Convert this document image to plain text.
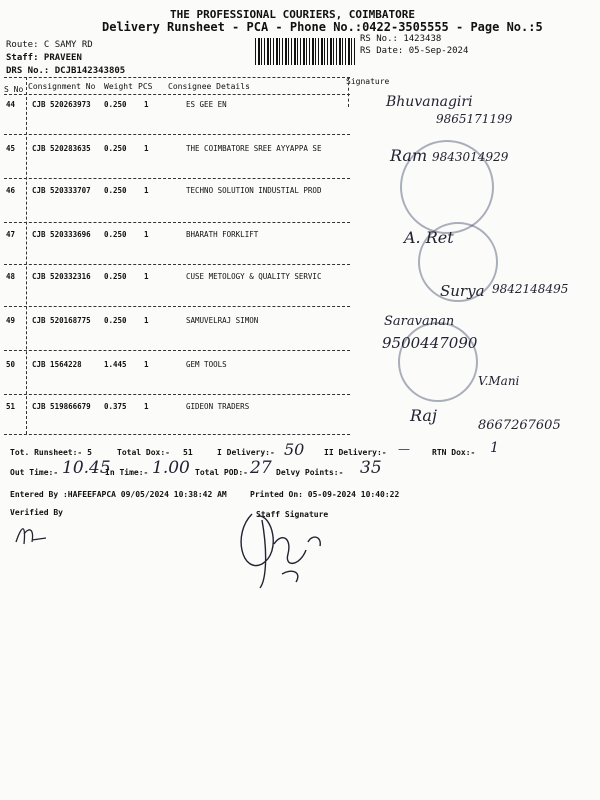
THE PROFESSIONAL COURIERS, COIMBATORE
Delivery Runsheet - PCA - Phone No.:0422-3505555 - Page No.:5
Route: C SAMY RD
Staff: PRAVEEN
DRS No.: DCJB142343805
RS No.: 1423438
RS Date: 05-Sep-2024
S No Consignment No Weight PCS Consignee Details
Signature
44 CJB 520263973 0.250 1	ES GEE EN
45 CJB 520283635 0.250 1	THE COIMBATORE SREE AYYAPPA SE
46 CJB 520333707 0.250 1	TECHNO SOLUTION INDUSTIAL PROD
47 CJB 520333696 0.250 1	BHARATH FORKLIFT
48 CJB 520332316 0.250 1	CUSE METOLOGY & QUALITY SERVIC
49 CJB 520168775 0.250 1	SAMUVELRAJ SIMON
50 CJB 1564228	1.445 1	GEM TOOLS
51 CJB 519866679 0.375 1	GIDEON TRADERS
Bhuvanagiri
9865171199
Ram 9843014929
A. Ret
Surya 9842148495
Saravanan
9500447090
V.Mani
Raj
8667267605
Tot. Runsheet:- 5	Total Dox:- 51	I Delivery:- 50 II Delivery:- —	RTN Dox:- 1
Out Time:- 10.45
In Time:- 1.00 Total POD:- 27 Delvy Points:- 35
Entered By :HAFEEFAPCA 09/05/2024 10:38:42 AM	Printed On: 05-09-2024 10:40:22
Verified By	Staff Signature
